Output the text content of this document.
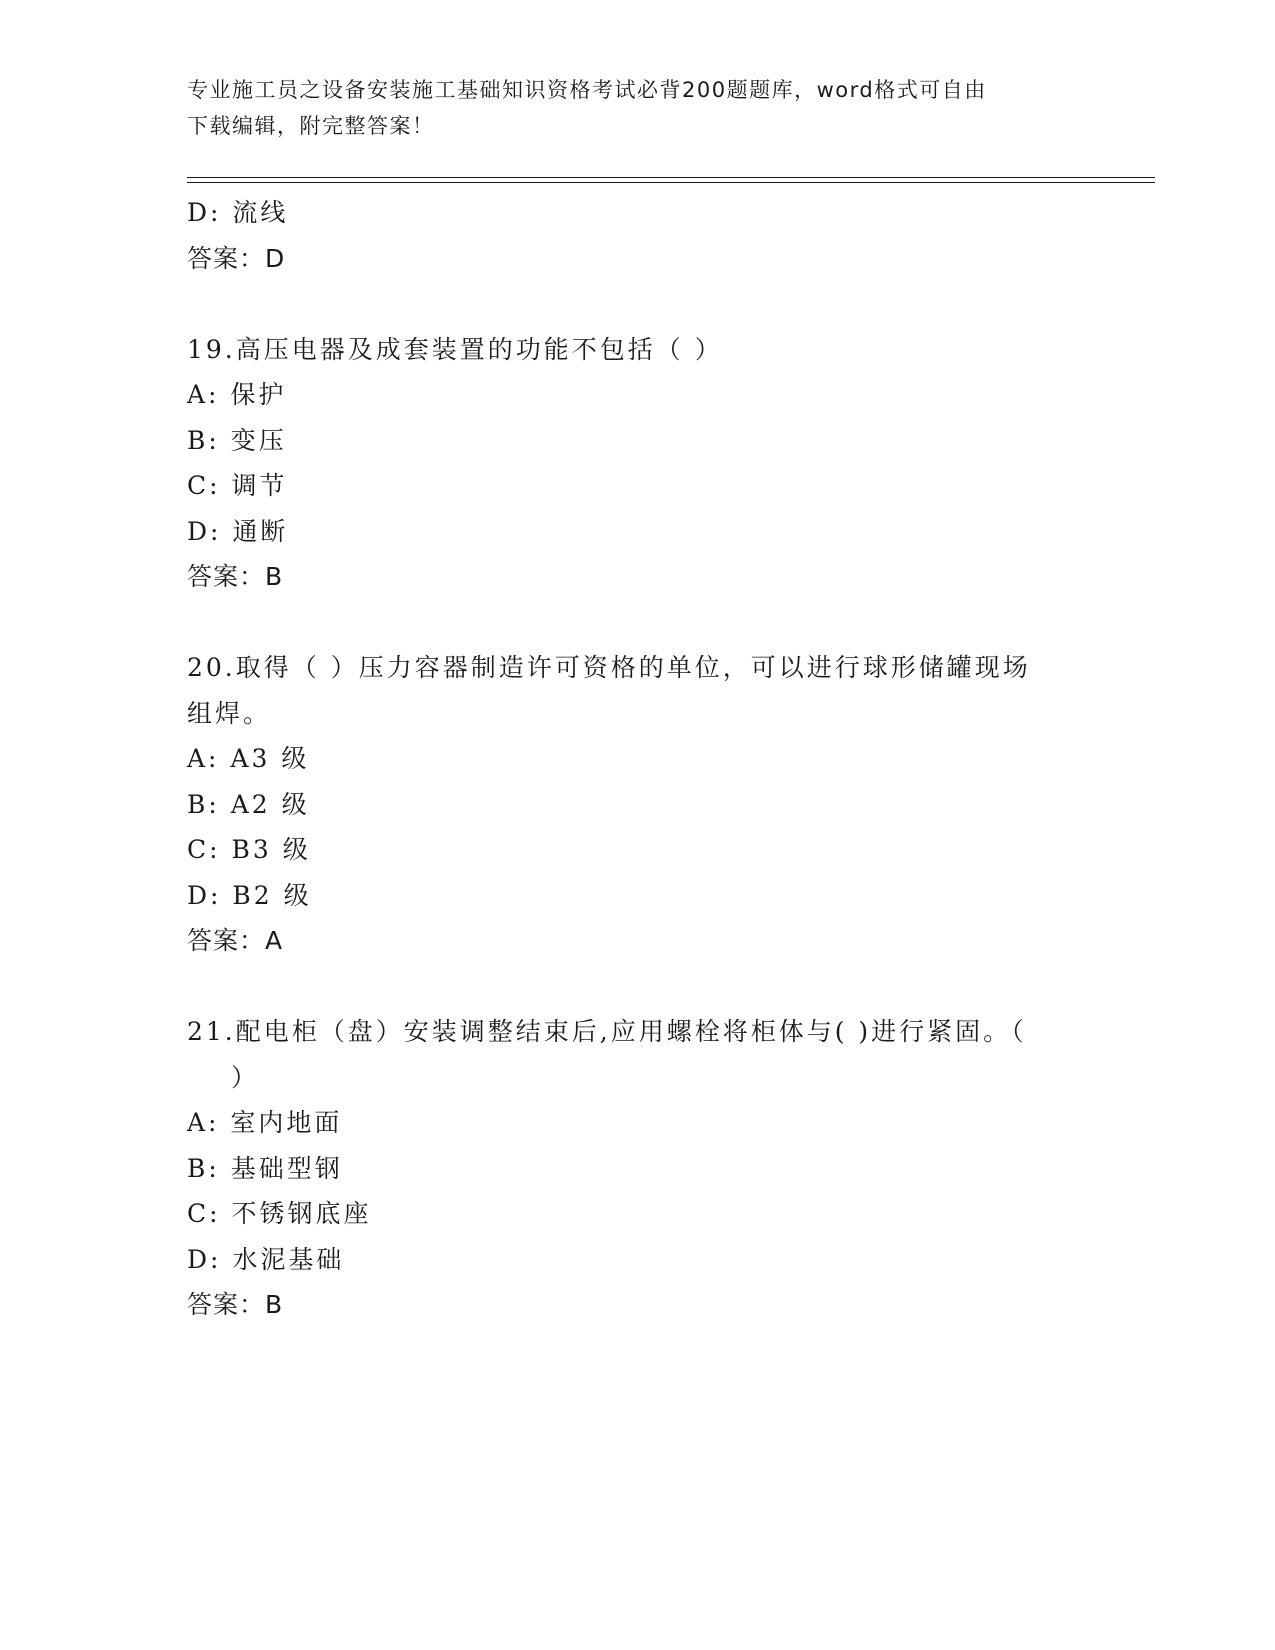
专业施工员之设备安装施工基础知识资格考试必背200题题库，word格式可自由
下载编辑，附完整答案！
D: 流线
答案：D
19.高压电器及成套装置的功能不包括（ ）
A: 保护
B: 变压
C: 调节
D: 通断
答案：B
20.取得（ ）压力容器制造许可资格的单位，可以进行球形储罐现场
组焊。
A: A3 级
B: A2 级
C: B3 级
D: B2 级
答案：A
21.配电柜（盘）安装调整结束后,应用螺栓将柜体与( )进行紧固。（
）
A: 室内地面
B: 基础型钢
C: 不锈钢底座
D: 水泥基础
答案：B
